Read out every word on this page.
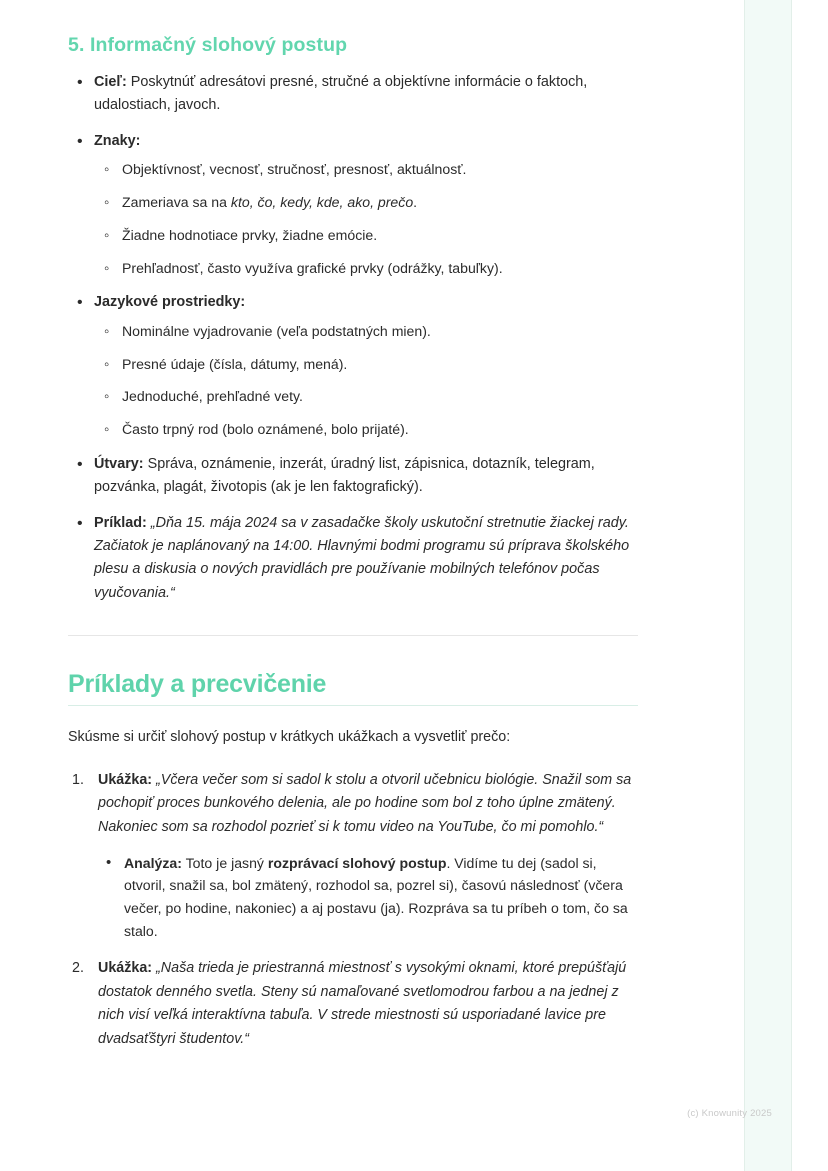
5. Informačný slohový postup
• Cieľ: Poskytnúť adresátovi presné, stručné a objektívne informácie o faktoch, udalostiach, javoch.
• Znaky:
◦ Objektívnosť, vecnosť, stručnosť, presnosť, aktuálnosť.
◦ Zameriava sa na kto, čo, kedy, kde, ako, prečo.
◦ Žiadne hodnotiace prvky, žiadne emócie.
◦ Prehľadnosť, často využíva grafické prvky (odrážky, tabuľky).
• Jazykové prostriedky:
◦ Nominálne vyjadrovanie (veľa podstatných mien).
◦ Presné údaje (čísla, dátumy, mená).
◦ Jednoduché, prehľadné vety.
◦ Často trpný rod (bolo oznámené, bolo prijaté).
• Útvary: Správa, oznámenie, inzerát, úradný list, zápisnica, dotazník, telegram, pozvánka, plagát, životopis (ak je len faktografický).
• Príklad: „Dňa 15. mája 2024 sa v zasadačke školy uskutoční stretnutie žiackej rady. Začiatok je naplánovaný na 14:00. Hlavnými bodmi programu sú príprava školského plesu a diskusia o nových pravidlách pre používanie mobilných telefónov počas vyučovania.“
Príklady a precvičenie

Skúsme si určiť slohový postup v krátkych ukážkach a vysvetliť prečo:

Ukážka: „Včera večer som si sadol k stolu a otvoril učebnicu biológie. Snažil som sa pochopiť proces bunkového delenia, ale po hodine som bol z toho úplne zmätený. Nakoniec som sa rozhodol pozrieť si k tomu video na YouTube, čo mi pomohlo.“
• Analýza: Toto je jasný rozprávací slohový postup. Vidíme tu dej (sadol si, otvoril, snažil sa, bol zmätený, rozhodol sa, pozrel si), časovú následnosť (včera večer, po hodine, nakoniec) a aj postavu (ja). Rozpráva sa tu príbeh o tom, čo sa stalo.
Ukážka: „Naša trieda je priestranná miestnosť s vysokými oknami, ktoré prepúšťajú dostatok denného svetla. Steny sú namaľované svetlomodrou farbou a na jednej z nich visí veľká interaktívna tabuľa. V strede miestnosti sú usporiadané lavice pre dvadsaťštyri študentov.“
(c) Knowunity 2025
